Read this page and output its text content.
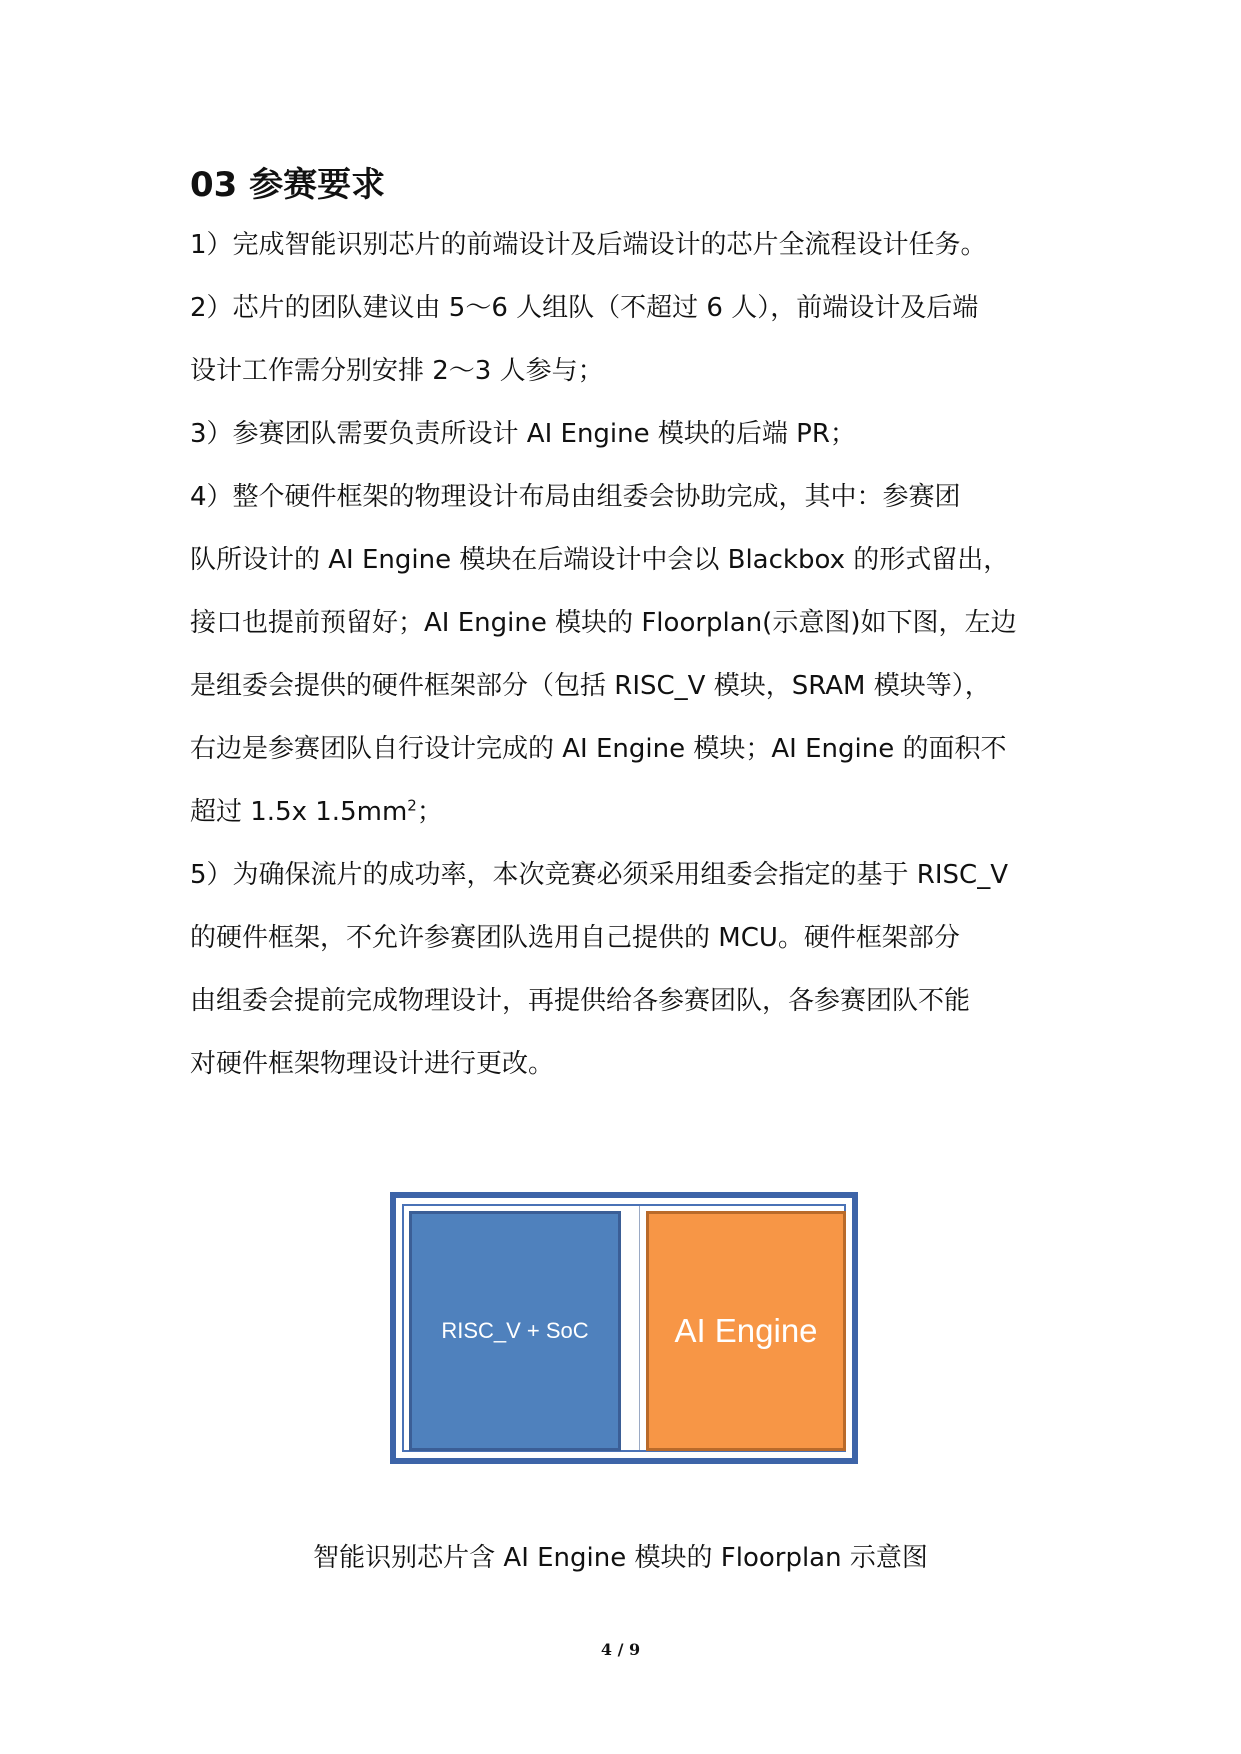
03 参赛要求
1）完成智能识别芯片的前端设计及后端设计的芯片全流程设计任务。
2）芯片的团队建议由 5～6 人组队（不超过 6 人），前端设计及后端
设计工作需分别安排 2～3 人参与；
3）参赛团队需要负责所设计 AI Engine 模块的后端 PR；
4）整个硬件框架的物理设计布局由组委会协助完成，其中：参赛团
队所设计的 AI Engine 模块在后端设计中会以 Blackbox 的形式留出，
接口也提前预留好；AI Engine 模块的 Floorplan(示意图)如下图，左边
是组委会提供的硬件框架部分（包括 RISC_V 模块，SRAM 模块等），
右边是参赛团队自行设计完成的 AI Engine 模块；AI Engine 的面积不
超过 1.5x $1.5mm^2$；
5）为确保流片的成功率，本次竞赛必须采用组委会指定的基于 RISC_V
的硬件框架，不允许参赛团队选用自己提供的 MCU。硬件框架部分
由组委会提前完成物理设计，再提供给各参赛团队，各参赛团队不能
对硬件框架物理设计进行更改。
RISC_V + SoC	AI Engine
智能识别芯片含 AI Engine 模块的 Floorplan 示意图
4 / 9
